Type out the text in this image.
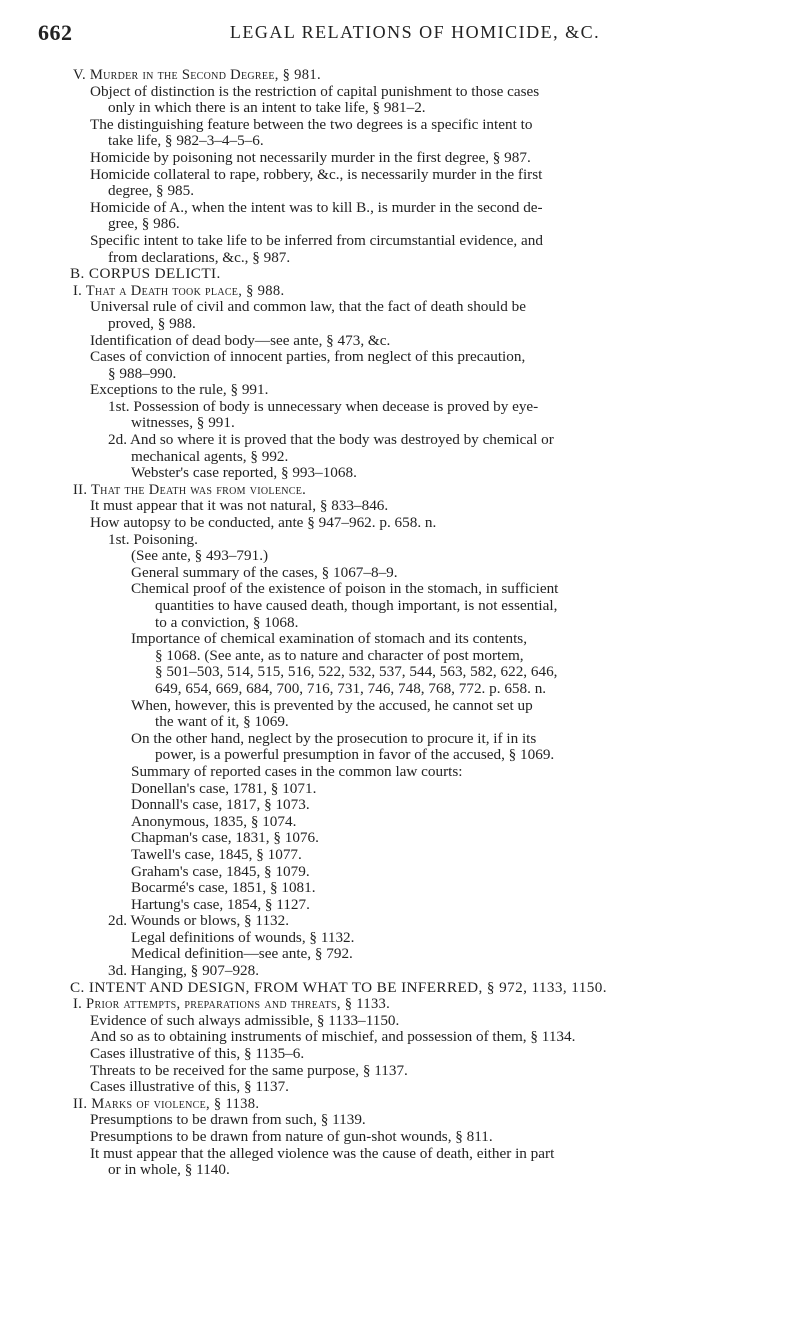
662	LEGAL RELATIONS OF HOMICIDE, &C.
V. Murder in the Second Degree, § 981.
Object of distinction is the restriction of capital punishment to those cases
only in which there is an intent to take life, § 981–2.
The distinguishing feature between the two degrees is a specific intent to
take life, § 982–3–4–5–6.
Homicide by poisoning not necessarily murder in the first degree, § 987.
Homicide collateral to rape, robbery, &c., is necessarily murder in the first
degree, § 985.
Homicide of A., when the intent was to kill B., is murder in the second de-
gree, § 986.
Specific intent to take life to be inferred from circumstantial evidence, and
from declarations, &c., § 987.
B. CORPUS DELICTI.
I. That a Death took place, § 988.
Universal rule of civil and common law, that the fact of death should be
proved, § 988.
Identification of dead body—see ante, § 473, &c.
Cases of conviction of innocent parties, from neglect of this precaution,
§ 988–990.
Exceptions to the rule, § 991.
1st. Possession of body is unnecessary when decease is proved by eye-
witnesses, § 991.
2d. And so where it is proved that the body was destroyed by chemical or
mechanical agents, § 992.
Webster's case reported, § 993–1068.
II. That the Death was from violence.
It must appear that it was not natural, § 833–846.
How autopsy to be conducted, ante § 947–962. p. 658. n.
1st. Poisoning.
(See ante, § 493–791.)
General summary of the cases, § 1067–8–9.
Chemical proof of the existence of poison in the stomach, in sufficient
quantities to have caused death, though important, is not essential,
to a conviction, § 1068.
Importance of chemical examination of stomach and its contents,
§ 1068. (See ante, as to nature and character of post mortem,
§ 501–503, 514, 515, 516, 522, 532, 537, 544, 563, 582, 622, 646,
649, 654, 669, 684, 700, 716, 731, 746, 748, 768, 772. p. 658. n.
When, however, this is prevented by the accused, he cannot set up
the want of it, § 1069.
On the other hand, neglect by the prosecution to procure it, if in its
power, is a powerful presumption in favor of the accused, § 1069.
Summary of reported cases in the common law courts:
Donellan's case, 1781, § 1071.
Donnall's case, 1817, § 1073.
Anonymous, 1835, § 1074.
Chapman's case, 1831, § 1076.
Tawell's case, 1845, § 1077.
Graham's case, 1845, § 1079.
Bocarmé's case, 1851, § 1081.
Hartung's case, 1854, § 1127.
2d. Wounds or blows, § 1132.
Legal definitions of wounds, § 1132.
Medical definition—see ante, § 792.
3d. Hanging, § 907–928.
C. INTENT AND DESIGN, FROM WHAT TO BE INFERRED, § 972, 1133, 1150.
I. Prior attempts, preparations and threats, § 1133.
Evidence of such always admissible, § 1133–1150.
And so as to obtaining instruments of mischief, and possession of them, § 1134.
Cases illustrative of this, § 1135–6.
Threats to be received for the same purpose, § 1137.
Cases illustrative of this, § 1137.
II. Marks of violence, § 1138.
Presumptions to be drawn from such, § 1139.
Presumptions to be drawn from nature of gun-shot wounds, § 811.
It must appear that the alleged violence was the cause of death, either in part
or in whole, § 1140.
